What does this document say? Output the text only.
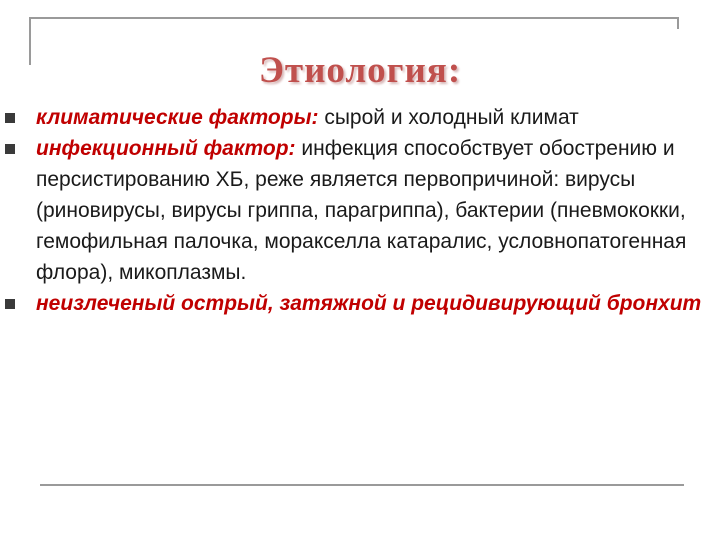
Этиология:
климатические факторы: сырой и холодный климат
инфекционный фактор: инфекция способствует обострению и персистированию ХБ, реже является первопричиной: вирусы (риновирусы, вирусы гриппа, парагриппа), бактерии (пневмококки, гемофильная палочка, моракселла катаралис, условнопатогенная флора), микоплазмы.
неизлеченый острый, затяжной и рецидивирующий бронхит
